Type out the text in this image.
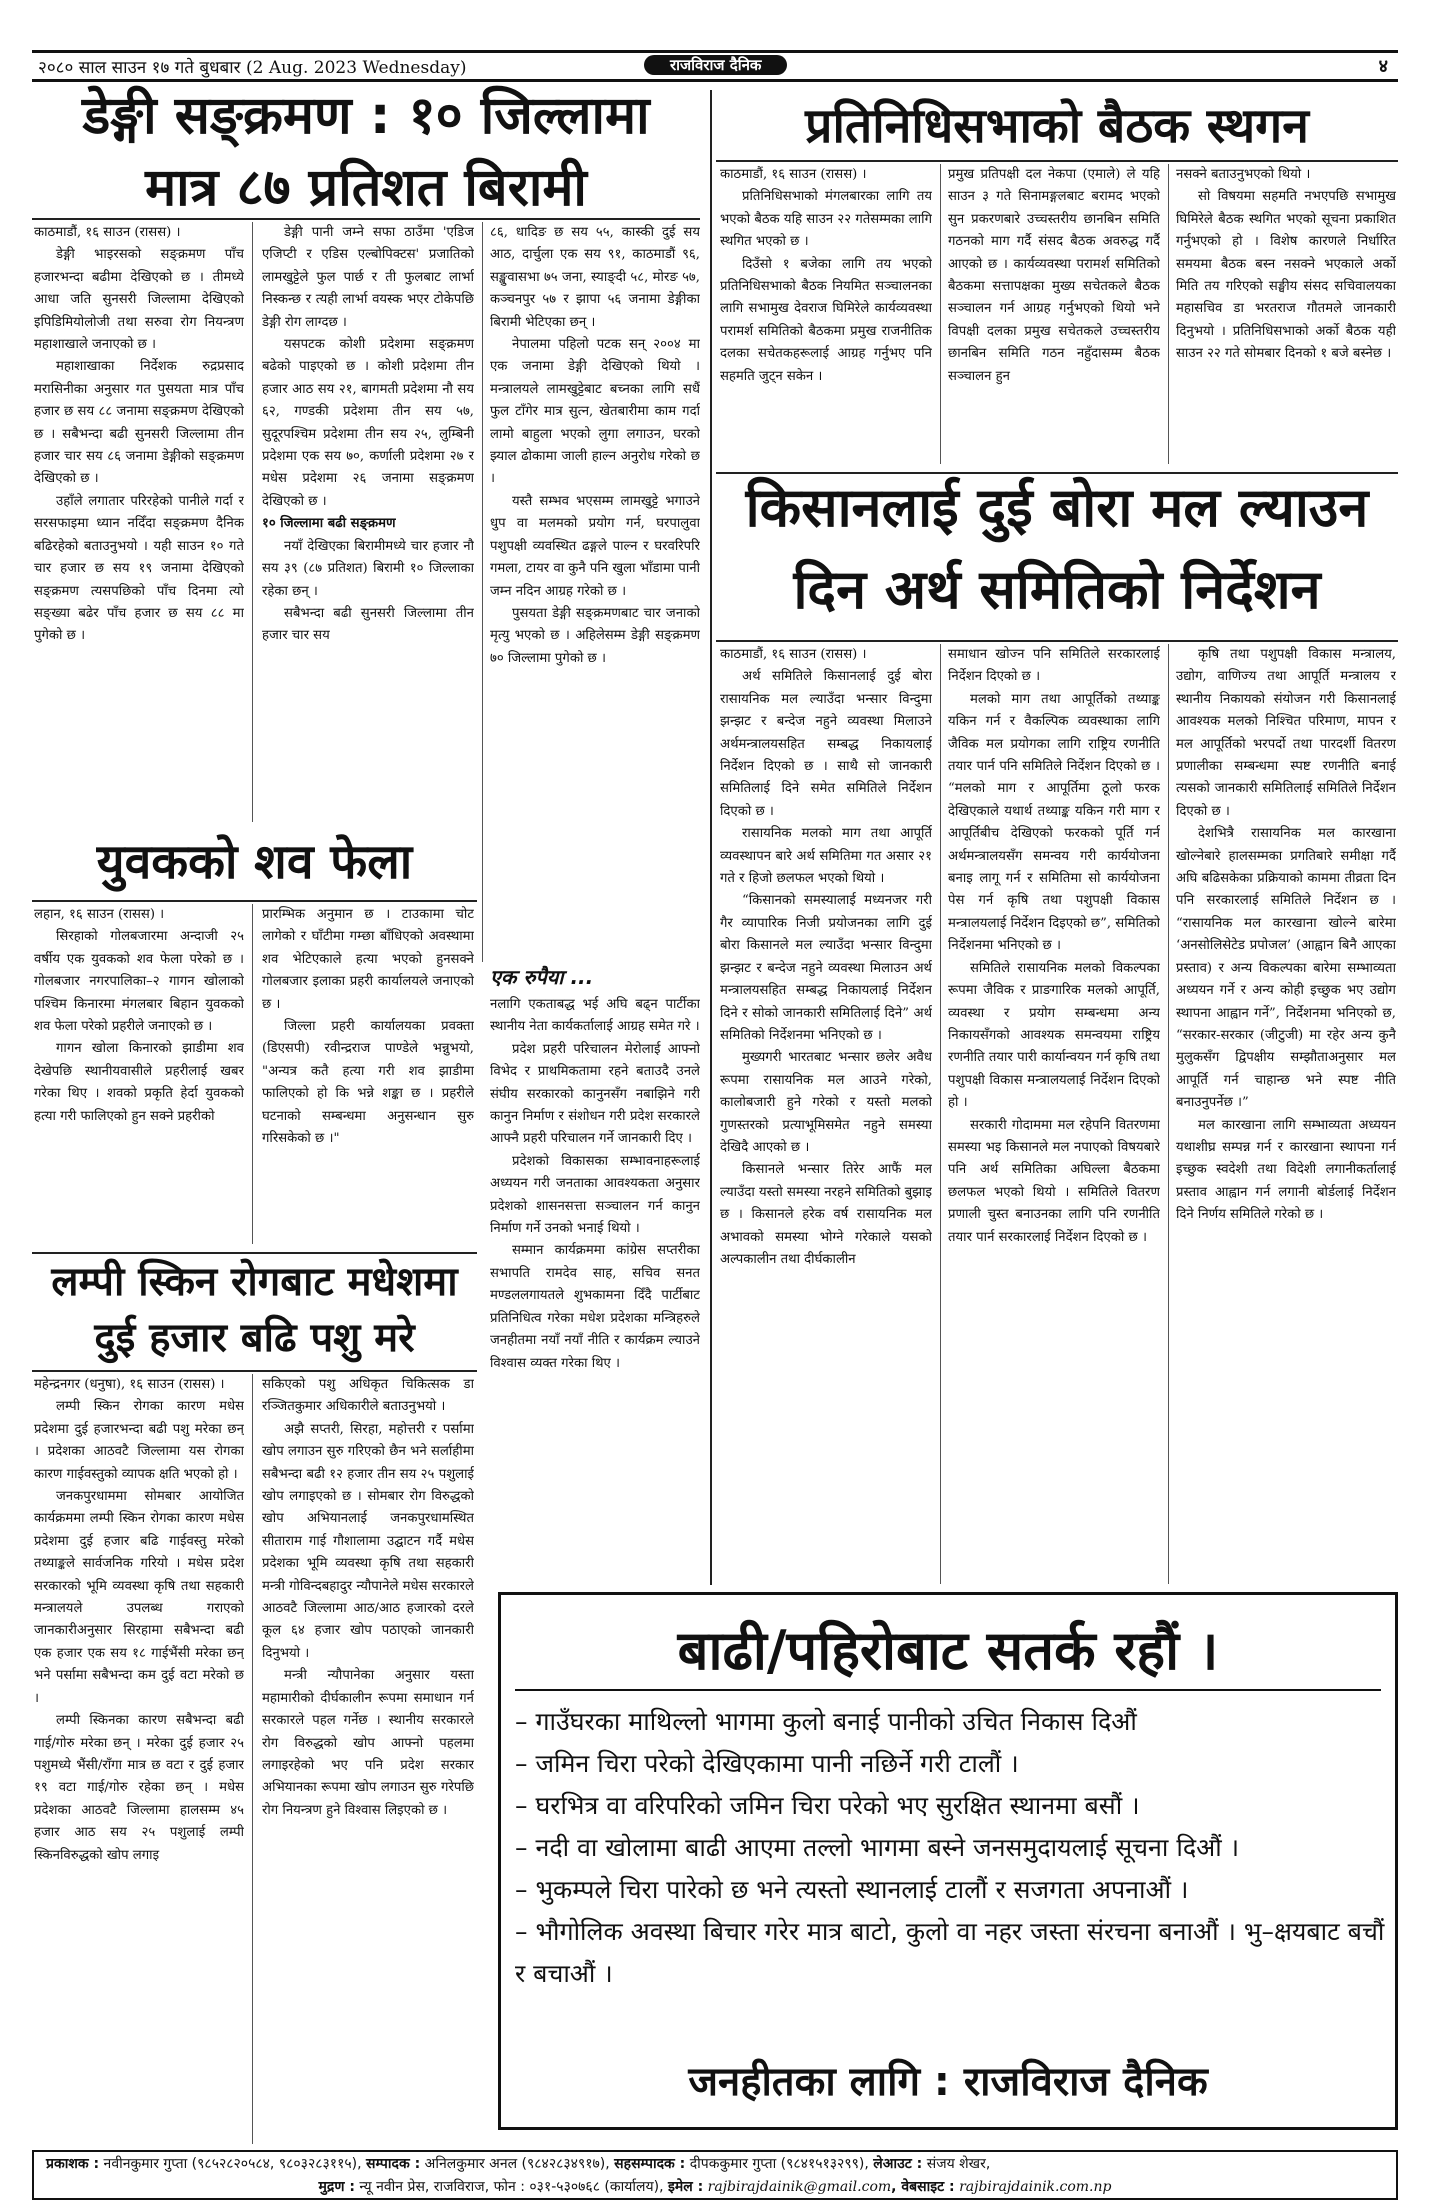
२०८० साल साउन १७ गते बुधबार (2 Aug. 2023 Wednesday)	राजविराज दैनिक	४
डेङ्गी सङ्क्रमण : १० जिल्लामा
मात्र ८७ प्रतिशत बिरामी

काठमाडौं, १६ साउन (रासस) ।

डेङ्गी भाइरसको सङ्क्रमण पाँच हजारभन्दा बढीमा देखिएको छ । तीमध्ये आधा जति सुनसरी जिल्लामा देखिएको इपिडिमियोलोजी तथा सरुवा रोग नियन्त्रण महाशाखाले जनाएको छ ।

महाशाखाका निर्देशक रुद्रप्रसाद मरासिनीका अनुसार गत पुसयता मात्र पाँच हजार छ सय ८८ जनामा सङ्क्रमण देखिएको छ । सबैभन्दा बढी सुनसरी जिल्लामा तीन हजार चार सय ८६ जनामा डेङ्गीको सङ्क्रमण देखिएको छ ।

उहाँले लगातार परिरहेको पानीले गर्दा र सरसफाइमा ध्यान नदिँदा सङ्क्रमण दैनिक बढिरहेको बताउनुभयो । यही साउन १० गते चार हजार छ सय १९ जनामा देखिएको सङ्क्रमण त्यसपछिको पाँच दिनमा त्यो सङ्ख्या बढेर पाँच हजार छ सय ८८ मा पुगेको छ ।

डेङ्गी पानी जम्ने सफा ठाउँमा 'एडिज एजिप्टी र एडिस एल्बोपिक्टस' प्रजातिको लामखुट्टेले फुल पार्छ र ती फुलबाट लार्भा निस्कन्छ र त्यही लार्भा वयस्क भएर टोकेपछि डेङ्गी रोग लाग्दछ ।

यसपटक कोशी प्रदेशमा सङ्क्रमण बढेको पाइएको छ । कोशी प्रदेशमा तीन हजार आठ सय २१, बागमती प्रदेशमा नौ सय ६२, गण्डकी प्रदेशमा तीन सय ५७, सुदूरपश्चिम प्रदेशमा तीन सय २५, लुम्बिनी प्रदेशमा एक सय ७०, कर्णाली प्रदेशमा २७ र मधेस प्रदेशमा २६ जनामा सङ्क्रमण देखिएको छ ।

१० जिल्लामा बढी सङ्क्रमण

नयाँ देखिएका बिरामीमध्ये चार हजार नौ सय ३९ (८७ प्रतिशत) बिरामी १० जिल्लाका रहेका छन् ।

सबैभन्दा बढी सुनसरी जिल्लामा तीन हजार चार सय

८६, धादिङ छ सय ५५, कास्की दुई सय आठ, दार्चुला एक सय ९१, काठमाडौं ९६, सङ्खुवासभा ७५ जना, स्याङ्दी ५८, मोरङ ५७, कञ्चनपुर ५७ र झापा ५६ जनामा डेङ्गीका बिरामी भेटिएका छन् ।

नेपालमा पहिलो पटक सन् २००४ मा एक जनामा डेङ्गी देखिएको थियो । मन्त्रालयले लामखुट्टेबाट बच्नका लागि सधैं फुल टाँगेर मात्र सुत्न, खेतबारीमा काम गर्दा लामो बाहुला भएको लुगा लगाउन, घरको झ्याल ढोकामा जाली हाल्न अनुरोध गरेको छ ।

यस्तै सम्भव भएसम्म लामखुट्टे भगाउने धुप वा मलमको प्रयोग गर्न, घरपालुवा पशुपक्षी व्यवस्थित ढङ्गले पाल्न र घरवरिपरि गमला, टायर वा कुनै पनि खुला भाँडामा पानी जम्न नदिन आग्रह गरेको छ ।

पुसयता डेङ्गी सङ्क्रमणबाट चार जनाको मृत्यु भएको छ । अहिलेसम्म डेङ्गी सङ्क्रमण ७० जिल्लामा पुगेको छ ।

युवकको शव फेला

लहान, १६ साउन (रासस) ।

सिरहाको गोलबजारमा अन्दाजी २५ वर्षीय एक युवकको शव फेला परेको छ । गोलबजार नगरपालिका–२ गागन खोलाको पश्चिम किनारमा मंगलबार बिहान युवकको शव फेला परेको प्रहरीले जनाएको छ ।

गागन खोला किनारको झाडीमा शव देखेपछि स्थानीयवासीले प्रहरीलाई खबर गरेका थिए । शवको प्रकृति हेर्दा युवकको हत्या गरी फालिएको हुन सक्ने प्रहरीको

प्रारम्भिक अनुमान छ । टाउकामा चोट लागेको र घाँटीमा गम्छा बाँधिएको अवस्थामा शव भेटिएकाले हत्या भएको हुनसक्ने गोलबजार इलाका प्रहरी कार्यालयले जनाएको छ ।

जिल्ला प्रहरी कार्यालयका प्रवक्ता (डिएसपी) रवीन्द्रराज पाण्डेले भन्नुभयो, "अन्यत्र कतै हत्या गरी शव झाडीमा फालिएको हो कि भन्ने शङ्का छ । प्रहरीले घटनाको सम्बन्धमा अनुसन्धान सुरु गरिसकेको छ ।"

लम्पी स्किन रोगबाट मधेशमा
दुई हजार बढि पशु मरे

महेन्द्रनगर (धनुषा), १६ साउन (रासस) ।

लम्पी स्किन रोगका कारण मधेस प्रदेशमा दुई हजारभन्दा बढी पशु मरेका छन् । प्रदेशका आठवटै जिल्लामा यस रोगका कारण गाईवस्तुको व्यापक क्षति भएको हो ।

जनकपुरधाममा सोमबार आयोजित कार्यक्रममा लम्पी स्किन रोगका कारण मधेस प्रदेशमा दुई हजार बढि गाईवस्तु मरेको तथ्याङ्कले सार्वजनिक गरियो । मधेस प्रदेश सरकारको भूमि व्यवस्था कृषि तथा सहकारी मन्त्रालयले उपलब्ध गराएको जानकारीअनुसार सिरहामा सबैभन्दा बढी एक हजार एक सय १८ गाईभैंसी मरेका छन् भने पर्सामा सबैभन्दा कम दुई वटा मरेको छ ।

लम्पी स्किनका कारण सबैभन्दा बढी गाई/गोरु मरेका छन् । मरेका दुई हजार २५ पशुमध्ये भैंसी/राँगा मात्र छ वटा र दुई हजार १९ वटा गाई/गोरु रहेका छन् । मधेस प्रदेशका आठवटै जिल्लामा हालसम्म ४५ हजार आठ सय २५ पशुलाई लम्पी स्किनविरुद्धको खोप लगाइ

सकिएको पशु अधिकृत चिकित्सक डा रञ्जितकुमार अधिकारीले बताउनुभयो ।

अझै सप्तरी, सिरहा, महोत्तरी र पर्सामा खोप लगाउन सुरु गरिएको छैन भने सर्लाहीमा सबैभन्दा बढी १२ हजार तीन सय २५ पशुलाई खोप लगाइएको छ । सोमबार रोग विरुद्धको खोप अभियानलाई जनकपुरधामस्थित सीताराम गाई गौशालामा उद्घाटन गर्दै मधेस प्रदेशका भूमि व्यवस्था कृषि तथा सहकारी मन्त्री गोविन्दबहादुर न्यौपानेले मधेस सरकारले आठवटै जिल्लामा आठ/आठ हजारको दरले कूल ६४ हजार खोप पठाएको जानकारी दिनुभयो ।

मन्त्री न्यौपानेका अनुसार यस्ता महामारीको दीर्घकालीन रूपमा समाधान गर्न सरकारले पहल गर्नेछ । स्थानीय सरकारले रोग विरुद्धको खोप आफ्नो पहलमा लगाइरहेको भए पनि प्रदेश सरकार अभियानका रूपमा खोप लगाउन सुरु गरेपछि रोग नियन्त्रण हुने विश्वास लिइएको छ ।

एक रुपैया ...

नलागि एकताबद्ध भई अघि बढ्न पार्टीका स्थानीय नेता कार्यकर्तालाई आग्रह समेत गरे ।

प्रदेश प्रहरी परिचालन मेरोलाई आफ्नो विभेद र प्राथमिकतामा रहने बताउदै उनले संघीय सरकारको कानुनसँग नबाझिने गरी कानुन निर्माण र संशोधन गरी प्रदेश सरकारले आफ्नै प्रहरी परिचालन गर्ने जानकारी दिए ।

प्रदेशको विकासका सम्भावनाहरूलाई अध्ययन गरी जनताका आवश्यकता अनुसार प्रदेशको शासनसत्ता सञ्चालन गर्न कानुन निर्माण गर्ने उनको भनाई थियो ।

सम्मान कार्यक्रममा कांग्रेस सप्तरीका सभापति रामदेव साह, सचिव सनत मण्डललगायतले शुभकामना दिँदै पार्टीबाट प्रतिनिधित्व गरेका मधेश प्रदेशका मन्त्रिहरुले जनहीतमा नयाँ नयाँ नीति र कार्यक्रम ल्याउने विश्वास व्यक्त गरेका थिए ।

प्रतिनिधिसभाको बैठक स्थगन

काठमाडौं, १६ साउन (रासस) ।

प्रतिनिधिसभाको मंगलबारका लागि तय भएको बैठक यहि साउन २२ गतेसम्मका लागि स्थगित भएको छ ।

दिउँसो १ बजेका लागि तय भएको प्रतिनिधिसभाको बैठक नियमित सञ्चालनका लागि सभामुख देवराज घिमिरेले कार्यव्यवस्था परामर्श समितिको बैठकमा प्रमुख राजनीतिक दलका सचेतकहरूलाई आग्रह गर्नुभए पनि सहमति जुट्न सकेन ।

प्रमुख प्रतिपक्षी दल नेकपा (एमाले) ले यहि साउन ३ गते सिनामङ्गलबाट बरामद भएको सुन प्रकरणबारे उच्चस्तरीय छानबिन समिति गठनको माग गर्दै संसद बैठक अवरुद्ध गर्दै आएको छ । कार्यव्यवस्था परामर्श समितिको बैठकमा सत्तापक्षका मुख्य सचेतकले बैठक सञ्चालन गर्न आग्रह गर्नुभएको थियो भने विपक्षी दलका प्रमुख सचेतकले उच्चस्तरीय छानबिन समिति गठन नहुँदासम्म बैठक सञ्चालन हुन

नसक्ने बताउनुभएको थियो ।

सो विषयमा सहमति नभएपछि सभामुख घिमिरेले बैठक स्थगित भएको सूचना प्रकाशित गर्नुभएको हो । विशेष कारणले निर्धारित समयमा बैठक बस्न नसक्ने भएकाले अर्को मिति तय गरिएको सङ्घीय संसद सचिवालयका महासचिव डा भरतराज गौतमले जानकारी दिनुभयो । प्रतिनिधिसभाको अर्को बैठक यही साउन २२ गते सोमबार दिनको १ बजे बस्नेछ ।

किसानलाई दुई बोरा मल ल्याउन
दिन अर्थ समितिको निर्देशन

काठमाडौं, १६ साउन (रासस) ।

अर्थ समितिले किसानलाई दुई बोरा रासायनिक मल ल्याउँदा भन्सार विन्दुमा झन्झट र बन्देज नहुने व्यवस्था मिलाउने अर्थमन्त्रालयसहित सम्बद्ध निकायलाई निर्देशन दिएको छ । साथै सो जानकारी समितिलाई दिने समेत समितिले निर्देशन दिएको छ ।

रासायनिक मलको माग तथा आपूर्ति व्यवस्थापन बारे अर्थ समितिमा गत असार २१ गते र हिजो छलफल भएको थियो ।

“किसानको समस्यालाई मध्यनजर गरी गैर व्यापारिक निजी प्रयोजनका लागि दुई बोरा किसानले मल ल्याउँदा भन्सार विन्दुमा झन्झट र बन्देज नहुने व्यवस्था मिलाउन अर्थ मन्त्रालयसहित सम्बद्ध निकायलाई निर्देशन दिने र सोको जानकारी समितिलाई दिने” अर्थ समितिको निर्देशनमा भनिएको छ ।

मुख्यगरी भारतबाट भन्सार छलेर अवैध रूपमा रासायनिक मल आउने गरेको, कालोबजारी हुने गरेको र यस्तो मलको गुणस्तरको प्रत्याभूमिसमेत नहुने समस्या देखिदै आएको छ ।

किसानले भन्सार तिरेर आफैं मल ल्याउँदा यस्तो समस्या नरहने समितिको बुझाइ छ । किसानले हरेक वर्ष रासायनिक मल अभावको समस्या भोग्ने गरेकाले यसको अल्पकालीन तथा दीर्घकालीन

समाधान खोज्न पनि समितिले सरकारलाई निर्देशन दिएको छ ।

मलको माग तथा आपूर्तिको तथ्याङ्क यकिन गर्न र वैकल्पिक व्यवस्थाका लागि जैविक मल प्रयोगका लागि राष्ट्रिय रणनीति तयार पार्न पनि समितिले निर्देशन दिएको छ । “मलको माग र आपूर्तिमा ठूलो फरक देखिएकाले यथार्थ तथ्याङ्क यकिन गरी माग र आपूर्तिबीच देखिएको फरकको पूर्ति गर्न अर्थमन्त्रालयसँग समन्वय गरी कार्ययोजना बनाइ लागू गर्न र समितिमा सो कार्ययोजना पेस गर्न कृषि तथा पशुपक्षी विकास मन्त्रालयलाई निर्देशन दिइएको छ”, समितिको निर्देशनमा भनिएको छ ।

समितिले रासायनिक मलको विकल्पका रूपमा जैविक र प्राङगारिक मलको आपूर्ति, व्यवस्था र प्रयोग सम्बन्धमा अन्य निकायसँगको आवश्यक समन्वयमा राष्ट्रिय रणनीति तयार पारी कार्यान्वयन गर्न कृषि तथा पशुपक्षी विकास मन्त्रालयलाई निर्देशन दिएको हो ।

सरकारी गोदाममा मल रहेपनि वितरणमा समस्या भइ किसानले मल नपाएको विषयबारे पनि अर्थ समितिका अघिल्ला बैठकमा छलफल भएको थियो । समितिले वितरण प्रणाली चुस्त बनाउनका लागि पनि रणनीति तयार पार्न सरकारलाई निर्देशन दिएको छ ।

कृषि तथा पशुपक्षी विकास मन्त्रालय, उद्योग, वाणिज्य तथा आपूर्ति मन्त्रालय र स्थानीय निकायको संयोजन गरी किसानलाई आवश्यक मलको निश्चित परिमाण, मापन र मल आपूर्तिको भरपर्दो तथा पारदर्शी वितरण प्रणालीका सम्बन्धमा स्पष्ट रणनीति बनाई त्यसको जानकारी समितिलाई समितिले निर्देशन दिएको छ ।

देशभित्रै रासायनिक मल कारखाना खोल्नेबारे हालसम्मका प्रगतिबारे समीक्षा गर्दै अघि बढिसकेका प्रक्रियाको काममा तीव्रता दिन पनि सरकारलाई समितिले निर्देशन छ । “रासायनिक मल कारखाना खोल्ने बारेमा ‘अनसोलिसेटेड प्रपोजल’ (आह्वान बिनै आएका प्रस्ताव) र अन्य विकल्पका बारेमा सम्भाव्यता अध्ययन गर्ने र अन्य कोही इच्छुक भए उद्योग स्थापना आह्वान गर्ने”, निर्देशनमा भनिएको छ, “सरकार-सरकार (जीटुजी) मा रहेर अन्य कुनै मुलुकसँग द्विपक्षीय सम्झौताअनुसार मल आपूर्ति गर्न चाहान्छ भने स्पष्ट नीति बनाउनुपर्नेछ ।”

मल कारखाना लागि सम्भाव्यता अध्ययन यथाशीघ्र सम्पन्न गर्न र कारखाना स्थापना गर्न इच्छुक स्वदेशी तथा विदेशी लगानीकर्तालाई प्रस्ताव आह्वान गर्न लगानी बोर्डलाई निर्देशन दिने निर्णय समितिले गरेको छ ।

बाढी/पहिरोबाट सतर्क रहौं ।
– गाउँघरका माथिल्लो भागमा कुलो बनाई पानीको उचित निकास दिऔं
– जमिन चिरा परेको देखिएकामा पानी नछिर्ने गरी टालौं ।
– घरभित्र वा वरिपरिको जमिन चिरा परेको भए सुरक्षित स्थानमा बसौं ।
– नदी वा खोलामा बाढी आएमा तल्लो भागमा बस्ने जनसमुदायलाई सूचना दिऔं ।
– भुकम्पले चिरा पारेको छ भने त्यस्तो स्थानलाई टालौं र सजगता अपनाऔं ।
– भौगोलिक अवस्था बिचार गरेर मात्र बाटो, कुलो वा नहर जस्ता संरचना बनाऔं । भु–क्षयबाट बचौं र बचाऔं ।
जनहीतका लागि : राजविराज दैनिक
प्रकाशक : नवीनकुमार गुप्ता (९८५२८२०५८४, ९८०३२८३११५), सम्पादक : अनिलकुमार अनल (९८४२८३४९१७), सहसम्पादक : दीपककुमार गुप्ता (९८४१५१३२९९), लेआउट : संजय शेखर,
मुद्रण : न्यू नवीन प्रेस, राजविराज, फोन : ०३१-५३०७६८ (कार्यालय), इमेल : rajbirajdainik@gmail.com, वेबसाइट : rajbirajdainik.com.np
